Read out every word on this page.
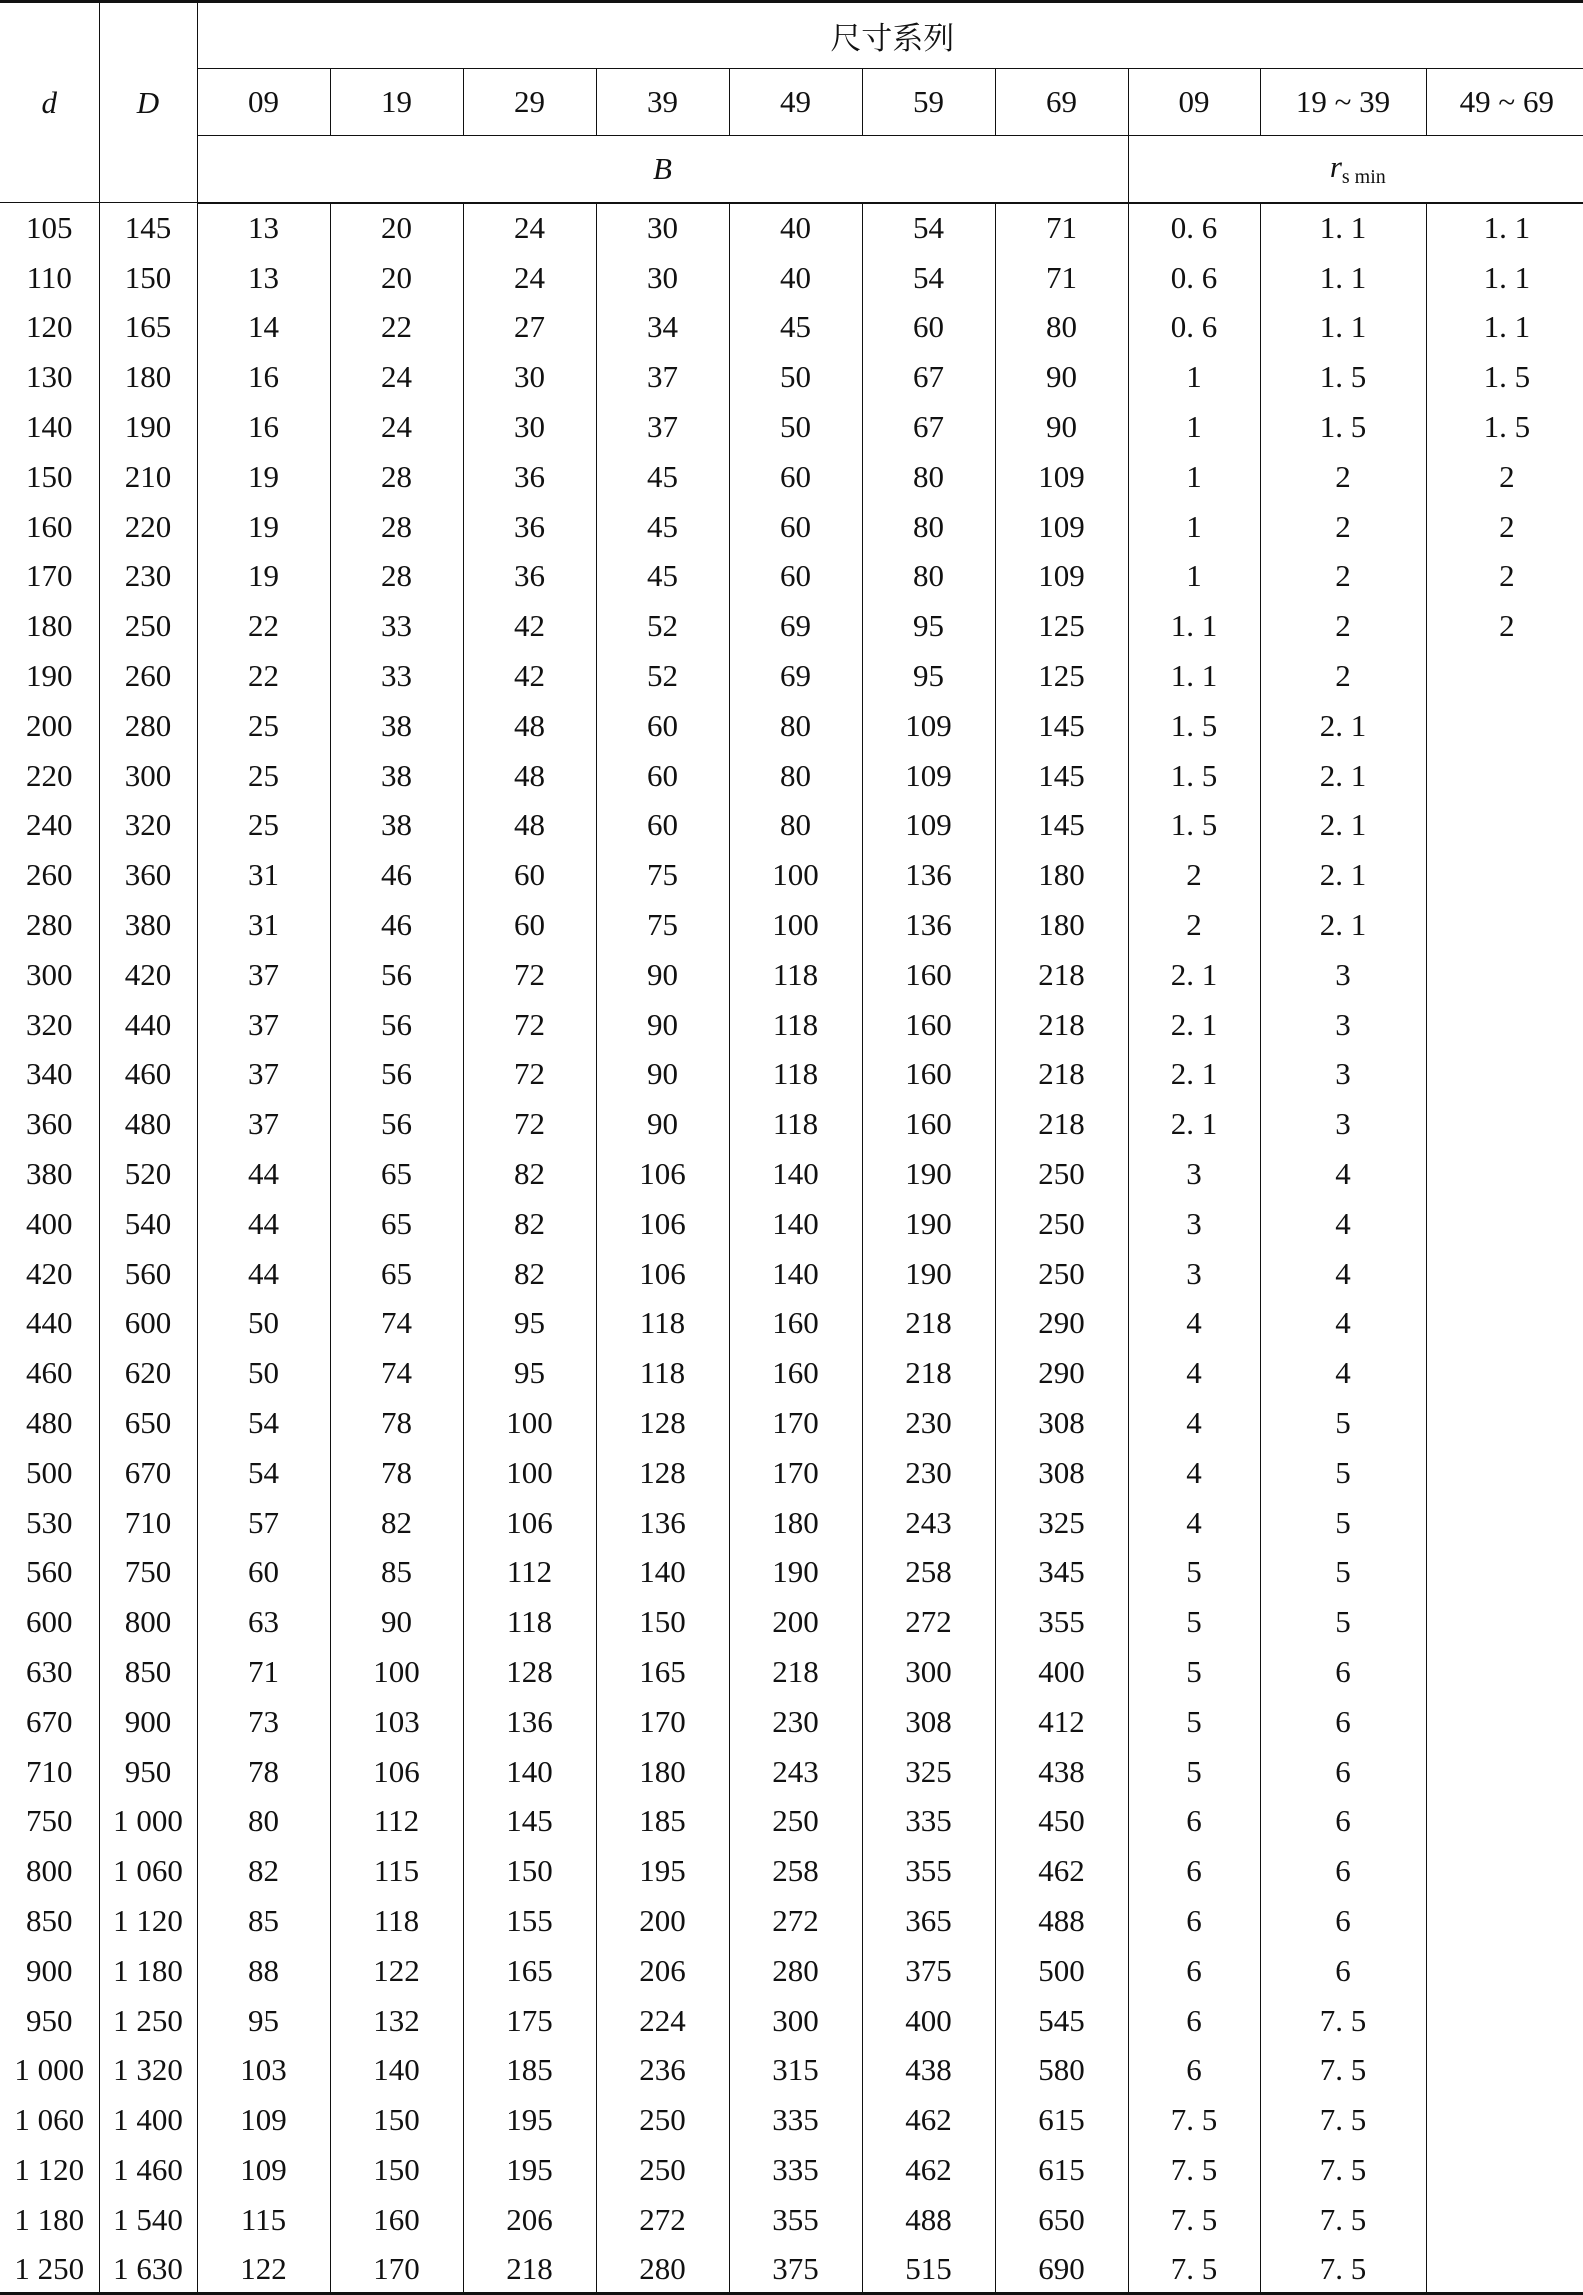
d	D	尺寸系列									
		09	19	29	39	49	59	69	09	19 ~ 39	49 ~ 69
		B							$r_{s min}$
105	145	13	20	24	30	40	54	71	0. 6	1. 1	1. 1
110	150	13	20	24	30	40	54	71	0. 6	1. 1	1. 1
120	165	14	22	27	34	45	60	80	0. 6	1. 1	1. 1
130	180	16	24	30	37	50	67	90	1	1. 5	1. 5
140	190	16	24	30	37	50	67	90	1	1. 5	1. 5
150	210	19	28	36	45	60	80	109	1	2	2
160	220	19	28	36	45	60	80	109	1	2	2
170	230	19	28	36	45	60	80	109	1	2	2
180	250	22	33	42	52	69	95	125	1. 1	2	2
190	260	22	33	42	52	69	95	125	1. 1	2	
200	280	25	38	48	60	80	109	145	1. 5	2. 1	
220	300	25	38	48	60	80	109	145	1. 5	2. 1	
240	320	25	38	48	60	80	109	145	1. 5	2. 1	
260	360	31	46	60	75	100	136	180	2	2. 1	
280	380	31	46	60	75	100	136	180	2	2. 1	
300	420	37	56	72	90	118	160	218	2. 1	3	
320	440	37	56	72	90	118	160	218	2. 1	3	
340	460	37	56	72	90	118	160	218	2. 1	3	
360	480	37	56	72	90	118	160	218	2. 1	3	
380	520	44	65	82	106	140	190	250	3	4	
400	540	44	65	82	106	140	190	250	3	4	
420	560	44	65	82	106	140	190	250	3	4	
440	600	50	74	95	118	160	218	290	4	4	
460	620	50	74	95	118	160	218	290	4	4	
480	650	54	78	100	128	170	230	308	4	5	
500	670	54	78	100	128	170	230	308	4	5	
530	710	57	82	106	136	180	243	325	4	5	
560	750	60	85	112	140	190	258	345	5	5	
600	800	63	90	118	150	200	272	355	5	5	
630	850	71	100	128	165	218	300	400	5	6	
670	900	73	103	136	170	230	308	412	5	6	
710	950	78	106	140	180	243	325	438	5	6	
750	1 000	80	112	145	185	250	335	450	6	6	
800	1 060	82	115	150	195	258	355	462	6	6	
850	1 120	85	118	155	200	272	365	488	6	6	
900	1 180	88	122	165	206	280	375	500	6	6	
950	1 250	95	132	175	224	300	400	545	6	7. 5	
1 000	1 320	103	140	185	236	315	438	580	6	7. 5	
1 060	1 400	109	150	195	250	335	462	615	7. 5	7. 5	
1 120	1 460	109	150	195	250	335	462	615	7. 5	7. 5	
1 180	1 540	115	160	206	272	355	488	650	7. 5	7. 5	
1 250	1 630	122	170	218	280	375	515	690	7. 5	7. 5	
